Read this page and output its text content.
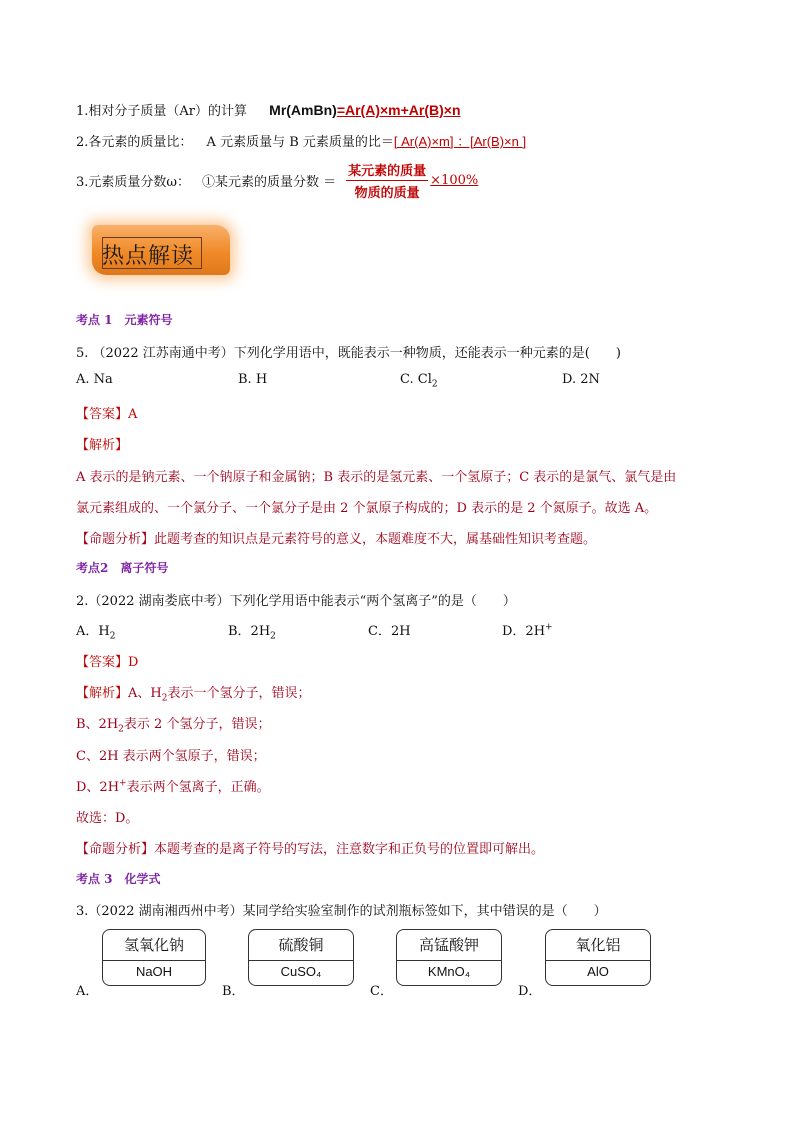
1.相对分子质量（Ar）的计算 Mr(AmBn)=Ar(A)×m+Ar(B)×n
2.各元素的质量比： A 元素质量与 B 元素质量的比＝[ Ar(A)×m] ：[Ar(B)×n ]
3.元素质量分数ω： ①某元素的质量分数 ＝ $\frac{\text{某元素的质量}}{\text{物质的质量}} \times 100\%$
热点解读
考点 1　元素符号
5. （2022 江苏南通中考）下列化学用语中，既能表示一种物质，还能表示一种元素的是(　　)
A. Na	B. H	C. $Cl_2$	D. 2N
【答案】A
【解析】
A 表示的是钠元素、一个钠原子和金属钠；B 表示的是氢元素、一个氢原子；C 表示的是氯气、氯气是由
氯元素组成的、一个氯分子、一个氯分子是由 2 个氯原子构成的；D 表示的是 2 个氮原子。故选 A。
【命题分析】此题考查的知识点是元素符号的意义，本题难度不大，属基础性知识考查题。
考点2　离子符号
2.（2022 湖南娄底中考）下列化学用语中能表示“两个氢离子”的是（　　）
A．$H_2$	B．$2H_2$	C．2H	D．2H+
【答案】D
【解析】A、$H_2$表示一个氢分子，错误；
B、$2H_2$表示 2 个氢分子，错误；
C、2H 表示两个氢原子，错误；
D、2H+表示两个氢离子，正确。
故选：D。
【命题分析】本题考查的是离子符号的写法，注意数字和正负号的位置即可解出。
考点 3　化学式
3.（2022 湖南湘西州中考）某同学给实验室制作的试剂瓶标签如下，其中错误的是（　　）
A．
氢氧化钠
NaOH
B．
硫酸铜
CuSO₄
C．
高锰酸钾
KMnO₄
D．
氧化铝
AlO
